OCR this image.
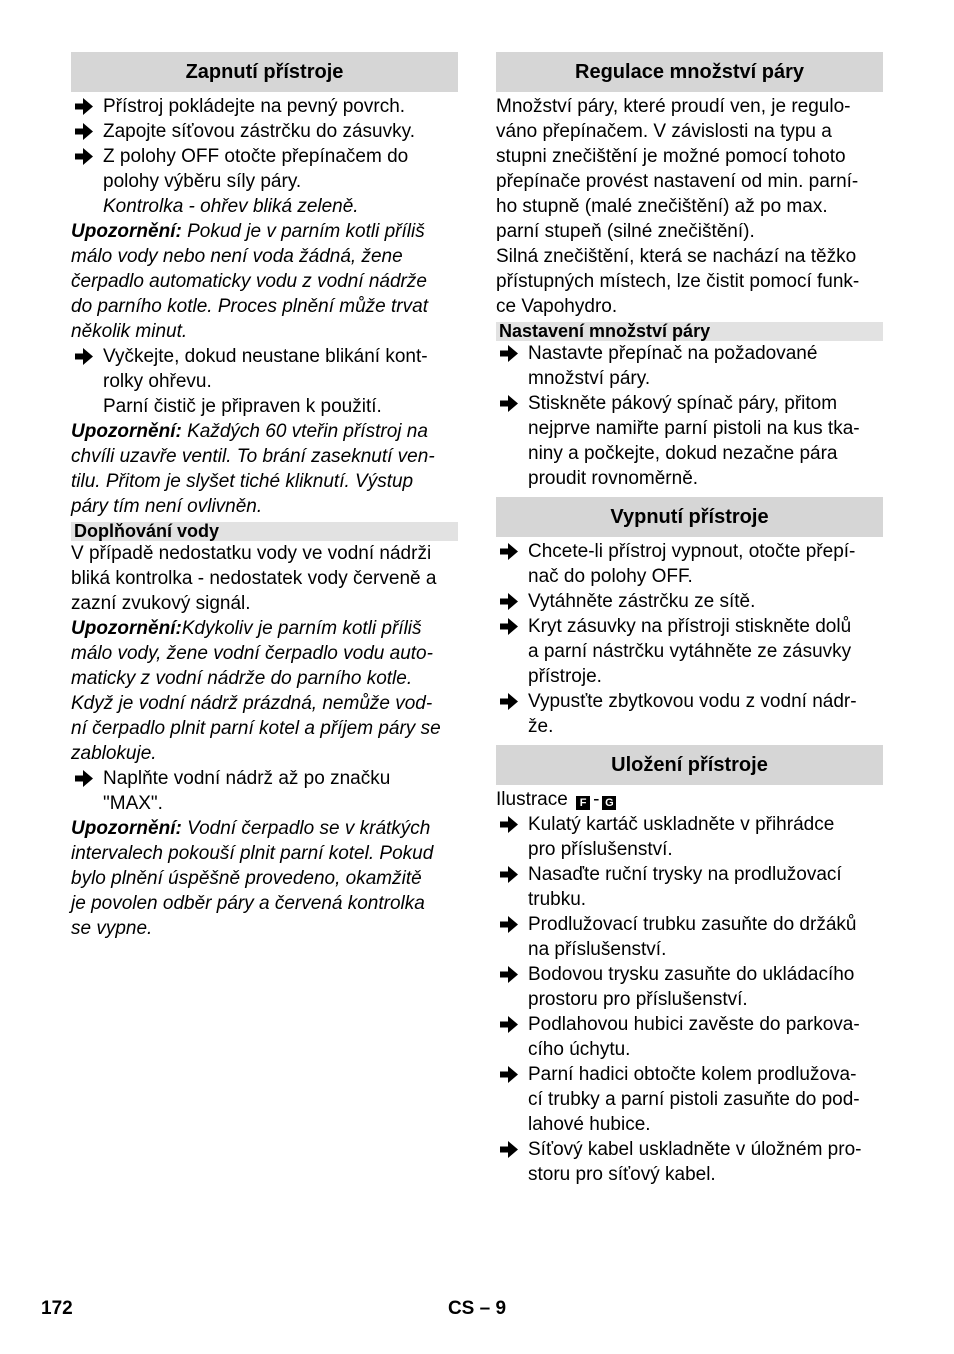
Zapnutí přístroje
Přístroj pokládejte na pevný povrch.
Zapojte síťovou zástrčku do zásuvky.
Z polohy OFF otočte přepínačem do
polohy výběru síly páry.
Kontrolka - ohřev bliká zeleně.
Upozornění: Pokud je v parním kotli příliš
málo vody nebo není voda žádná, žene
čerpadlo automaticky vodu z vodní nádrže
do parního kotle. Proces plnění může trvat
několik minut.
Vyčkejte, dokud neustane blikání kont-
rolky ohřevu.
Parní čistič je připraven k použití.
Upozornění: Každých 60 vteřin přístroj na
chvíli uzavře ventil. To brání zaseknutí ven-
tilu. Přitom je slyšet tiché kliknutí. Výstup
páry tím není ovlivněn.
Doplňování vody
V případě nedostatku vody ve vodní nádrži
bliká kontrolka - nedostatek vody červeně a
zazní zvukový signál.
Upozornění:Kdykoliv je parním kotli příliš
málo vody, žene vodní čerpadlo vodu auto-
maticky z vodní nádrže do parního kotle.
Když je vodní nádrž prázdná, nemůže vod-
ní čerpadlo plnit parní kotel a příjem páry se
zablokuje.
Naplňte vodní nádrž až po značku
"MAX".
Upozornění: Vodní čerpadlo se v krátkých
intervalech pokouší plnit parní kotel. Pokud
bylo plnění úspěšně provedeno, okamžitě
je povolen odběr páry a červená kontrolka
se vypne.
Regulace množství páry
Množství páry, které proudí ven, je regulo-
váno přepínačem. V závislosti na typu a
stupni znečištění je možné pomocí tohoto
přepínače provést nastavení od min. parní-
ho stupně (malé znečištění) až po max.
parní stupeň (silné znečištění).
Silná znečištění, která se nachází na těžko
přístupných místech, lze čistit pomocí funk-
ce Vapohydro.
Nastavení množství páry
Nastavte přepínač na požadované
množství páry.
Stiskněte pákový spínač páry, přitom
nejprve namiřte parní pistoli na kus tka-
niny a počkejte, dokud nezačne pára
proudit rovnoměrně.
Vypnutí přístroje
Chcete-li přístroj vypnout, otočte přepí-
nač do polohy OFF.
Vytáhněte zástrčku ze sítě.
Kryt zásuvky na přístroji stiskněte dolů
a parní nástrčku vytáhněte ze zásuvky
přístroje.
Vypusťte zbytkovou vodu z vodní nádr-
že.
Uložení přístroje
Ilustrace F - G
Kulatý kartáč uskladněte v přihrádce
pro příslušenství.
Nasaďte ruční trysky na prodlužovací
trubku.
Prodlužovací trubku zasuňte do držáků
na příslušenství.
Bodovou trysku zasuňte do ukládacího
prostoru pro příslušenství.
Podlahovou hubici zavěste do parkova-
cího úchytu.
Parní hadici obtočte kolem prodlužova-
cí trubky a parní pistoli zasuňte do pod-
lahové hubice.
Síťový kabel uskladněte v úložném pro-
storu pro síťový kabel.
172	CS – 9
